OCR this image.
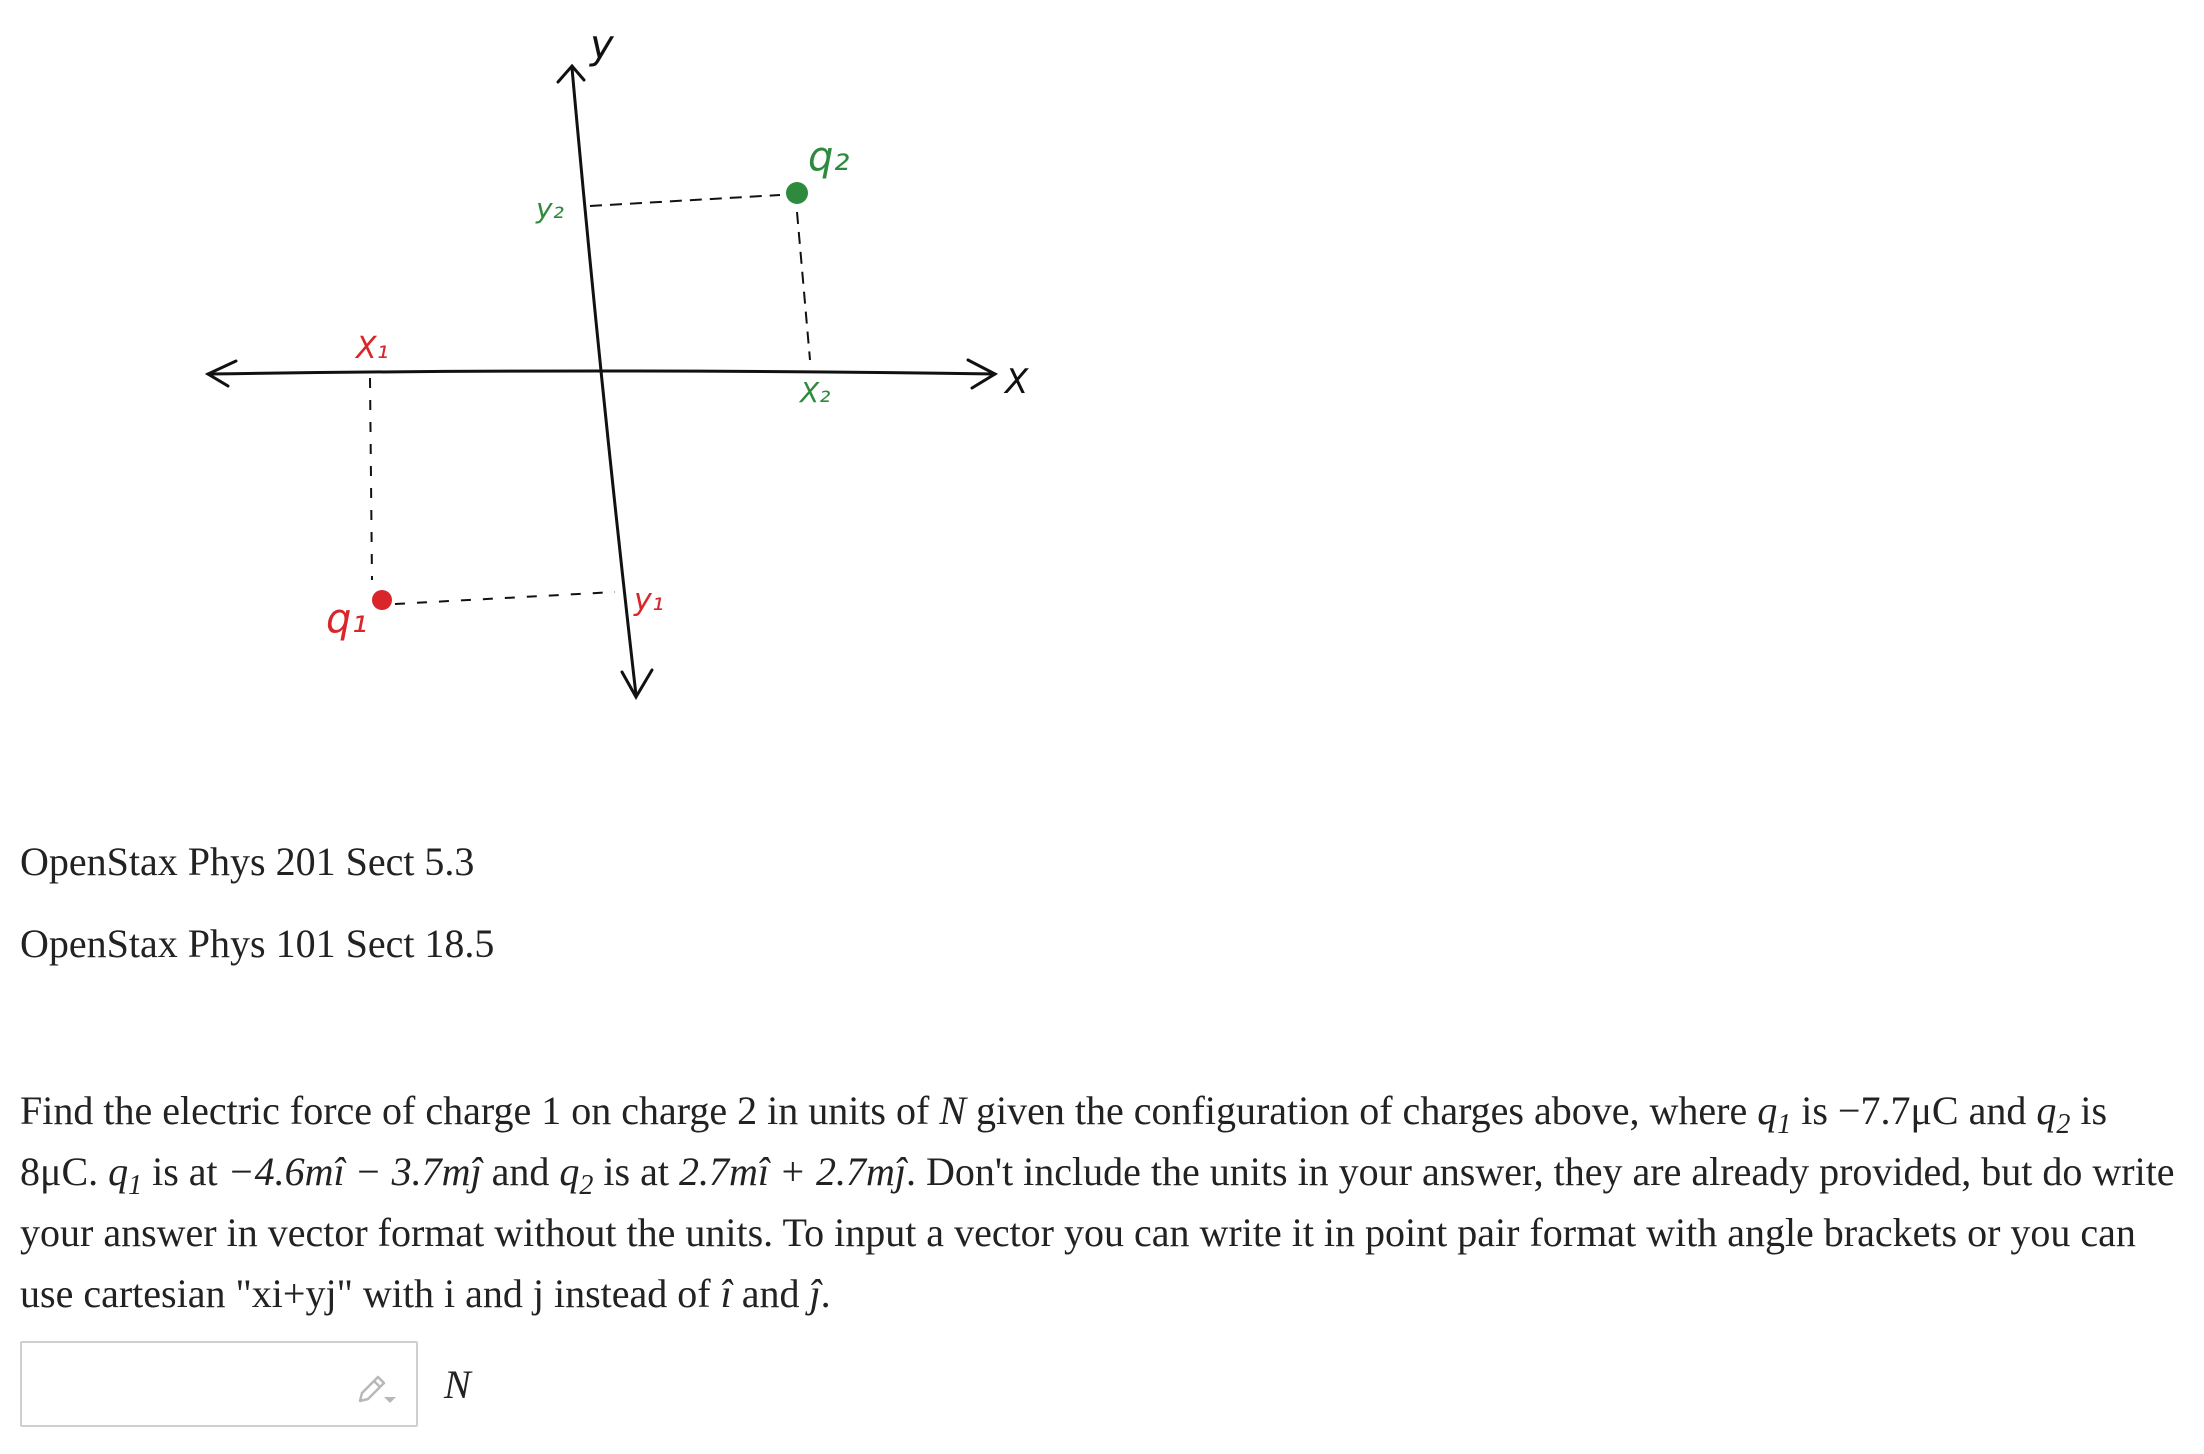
X
y
q₂
y₂
X₂
X₁
q₁	y₁

OpenStax Phys 201 Sect 5.3

OpenStax Phys 101 Sect 18.5

Find the electric force of charge 1 on charge 2 in units of N given the configuration of charges above, where $q_1$ is −7.7μC and $q_2$ is 8μC. $q_1$ is at −4.6mî − 3.7mĵ and $q_2$ is at 2.7mî + 2.7mĵ. Don't include the units in your answer, they are already provided, but do write your answer in vector format without the units. To input a vector you can write it in point pair format with angle brackets or you can use cartesian "xi+yj" with i and j instead of î and ĵ.

N
